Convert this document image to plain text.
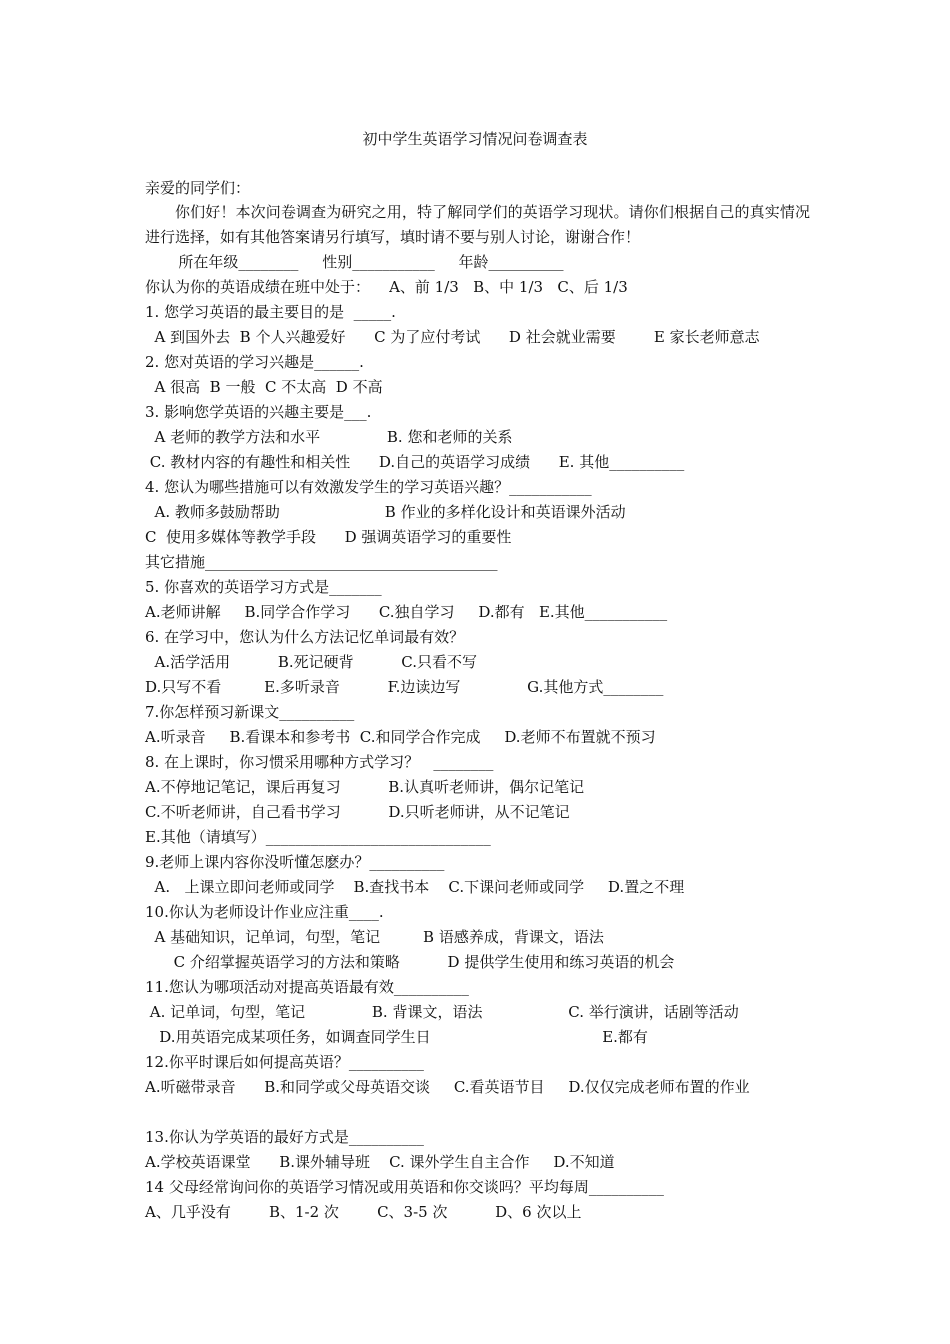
初中学生英语学习情况问卷调查表
亲爱的同学们：
你们好！本次问卷调查为研究之用，特了解同学们的英语学习现状。请你们根据自己的真实情况进行选择，如有其他答案请另行填写，填时请不要与别人讨论，谢谢合作！
所在年级________     性别___________     年龄__________
你认为你的英语成绩在班中处于：    A、前 1/3   B、中 1/3   C、后 1/3
1. 您学习英语的最主要目的是  _____.
A 到国外去  B 个人兴趣爱好      C 为了应付考试      D 社会就业需要        E 家长老师意志
2. 您对英语的学习兴趣是______.
A 很高  B 一般  C 不太高  D 不高
3. 影响您学英语的兴趣主要是___.
A 老师的教学方法和水平              B. 您和老师的关系
C. 教材内容的有趣性和相关性      D.自己的英语学习成绩      E. 其他__________
4. 您认为哪些措施可以有效激发学生的学习英语兴趣？___________
A. 教师多鼓励帮助                      B 作业的多样化设计和英语课外活动
C  使用多媒体等教学手段      D 强调英语学习的重要性
其它措施_______________________________________
5. 你喜欢的英语学习方式是_______
A.老师讲解     B.同学合作学习      C.独自学习     D.都有   E.其他___________
6. 在学习中，您认为什么方法记忆单词最有效？
A.活学活用          B.死记硬背          C.只看不写
D.只写不看         E.多听录音          F.边读边写              G.其他方式________
7.你怎样预习新课文__________
A.听录音     B.看课本和参考书  C.和同学合作完成     D.老师不布置就不预习
8. 在上课时，你习惯采用哪种方式学习？   ________
A.不停地记笔记，课后再复习          B.认真听老师讲，偶尔记笔记
C.不听老师讲，自己看书学习          D.只听老师讲，从不记笔记
E.其他（请填写）______________________________
9.老师上课内容你没听懂怎麽办？__________
A.   上课立即问老师或同学    B.查找书本    C.下课问老师或同学     D.置之不理
10.你认为老师设计作业应注重____.
A 基础知识，记单词，句型，笔记         B 语感养成，背课文，语法
C 介绍掌握英语学习的方法和策略          D 提供学生使用和练习英语的机会
11.您认为哪项活动对提高英语最有效__________
A. 记单词，句型，笔记              B. 背课文，语法                  C. 举行演讲，话剧等活动
D.用英语完成某项任务，如调查同学生日                                    E.都有
12.你平时课后如何提高英语？__________
A.听磁带录音      B.和同学或父母英语交谈     C.看英语节目     D.仅仅完成老师布置的作业
13.你认为学英语的最好方式是__________
A.学校英语课堂      B.课外辅导班    C. 课外学生自主合作     D.不知道
14 父母经常询问你的英语学习情况或用英语和你交谈吗？平均每周__________
A、几乎没有        B、1-2 次        C、3-5 次          D、6 次以上
